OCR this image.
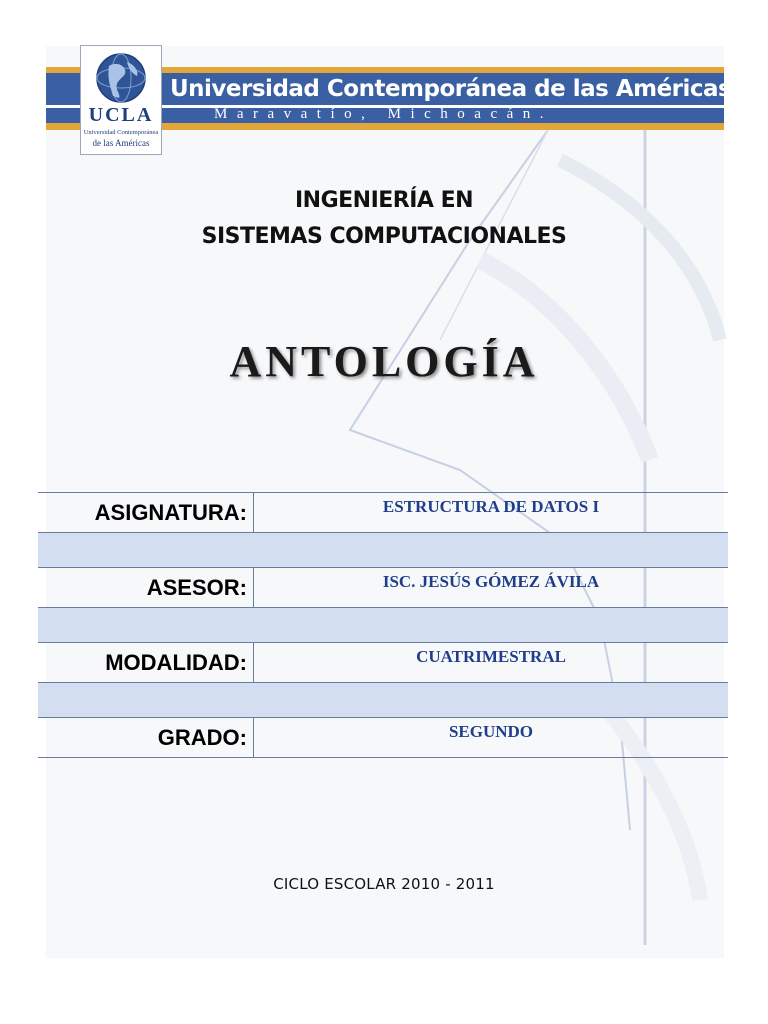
Universidad Contemporánea de las Américas
Maravatío, Michoacán.
UCLA
Universidad Contemporánea
de las Américas
INGENIERÍA EN
SISTEMAS COMPUTACIONALES
ANTOLOGÍA
ASIGNATURA:	ESTRUCTURA DE DATOS I

ASESOR:	ISC. JESÚS GÓMEZ ÁVILA

MODALIDAD:	CUATRIMESTRAL

GRADO:	SEGUNDO
CICLO ESCOLAR 2010 - 2011
